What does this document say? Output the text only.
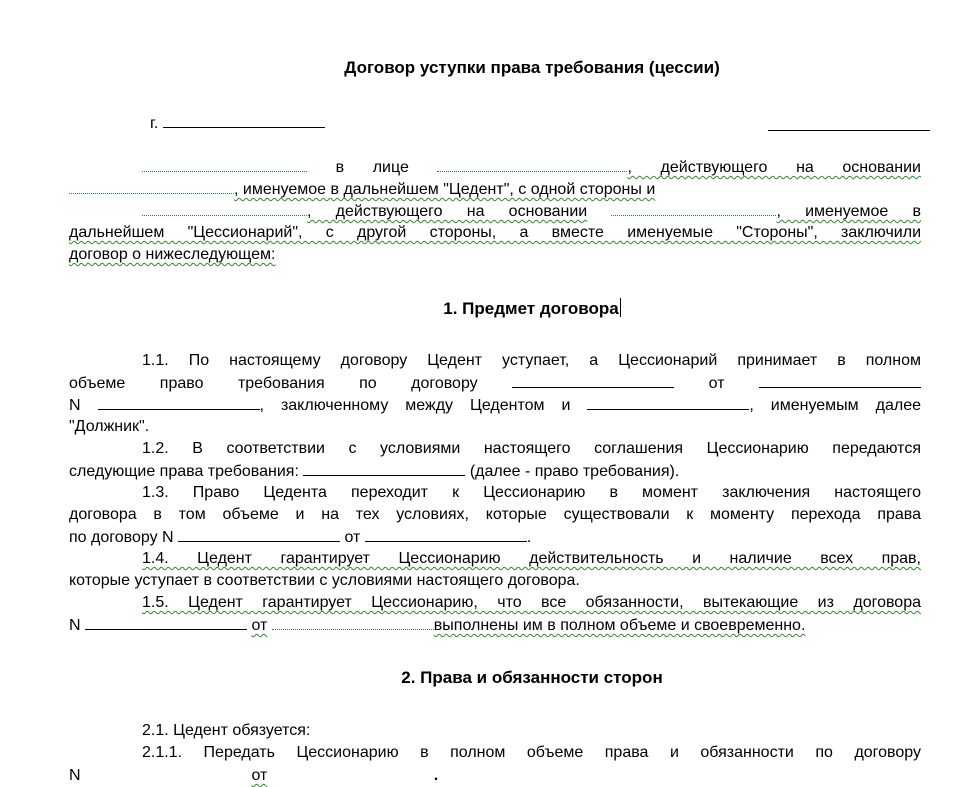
Договор уступки права требования (цессии)
г.
в лице	, действующего на основании
, именуемое в дальнейшем "Цедент", с одной стороны и
, действующего на основании	, именуемое в
дальнейшем "Цессионарий", с другой стороны, а вместе именуемые "Стороны", заключили
договор о нижеследующем:
1. Предмет договора
1.1. По настоящему договору Цедент уступает, а Цессионарий принимает в полном
объеме право требования по договору	от
N	, заключенному между Цедентом и	, именуемым далее
"Должник".
1.2. В соответствии с условиями настоящего соглашения Цессионарию передаются
следующие права требования:	(далее - право требования).
1.3. Право Цедента переходит к Цессионарию в момент заключения настоящего
договора в том объеме и на тех условиях, которые существовали к моменту перехода права
по договору N	от	.
1.4. Цедент гарантирует Цессионарию действительность и наличие всех прав,
которые уступает в соответствии с условиями настоящего договора.
1.5. Цедент гарантирует Цессионарию, что все обязанности, вытекающие из договора
N	от	выполнены им в полном объеме и своевременно.
2. Права и обязанности сторон
2.1. Цедент обязуется:
2.1.1. Передать Цессионарию в полном объеме права и обязанности по договору
N	от	.
